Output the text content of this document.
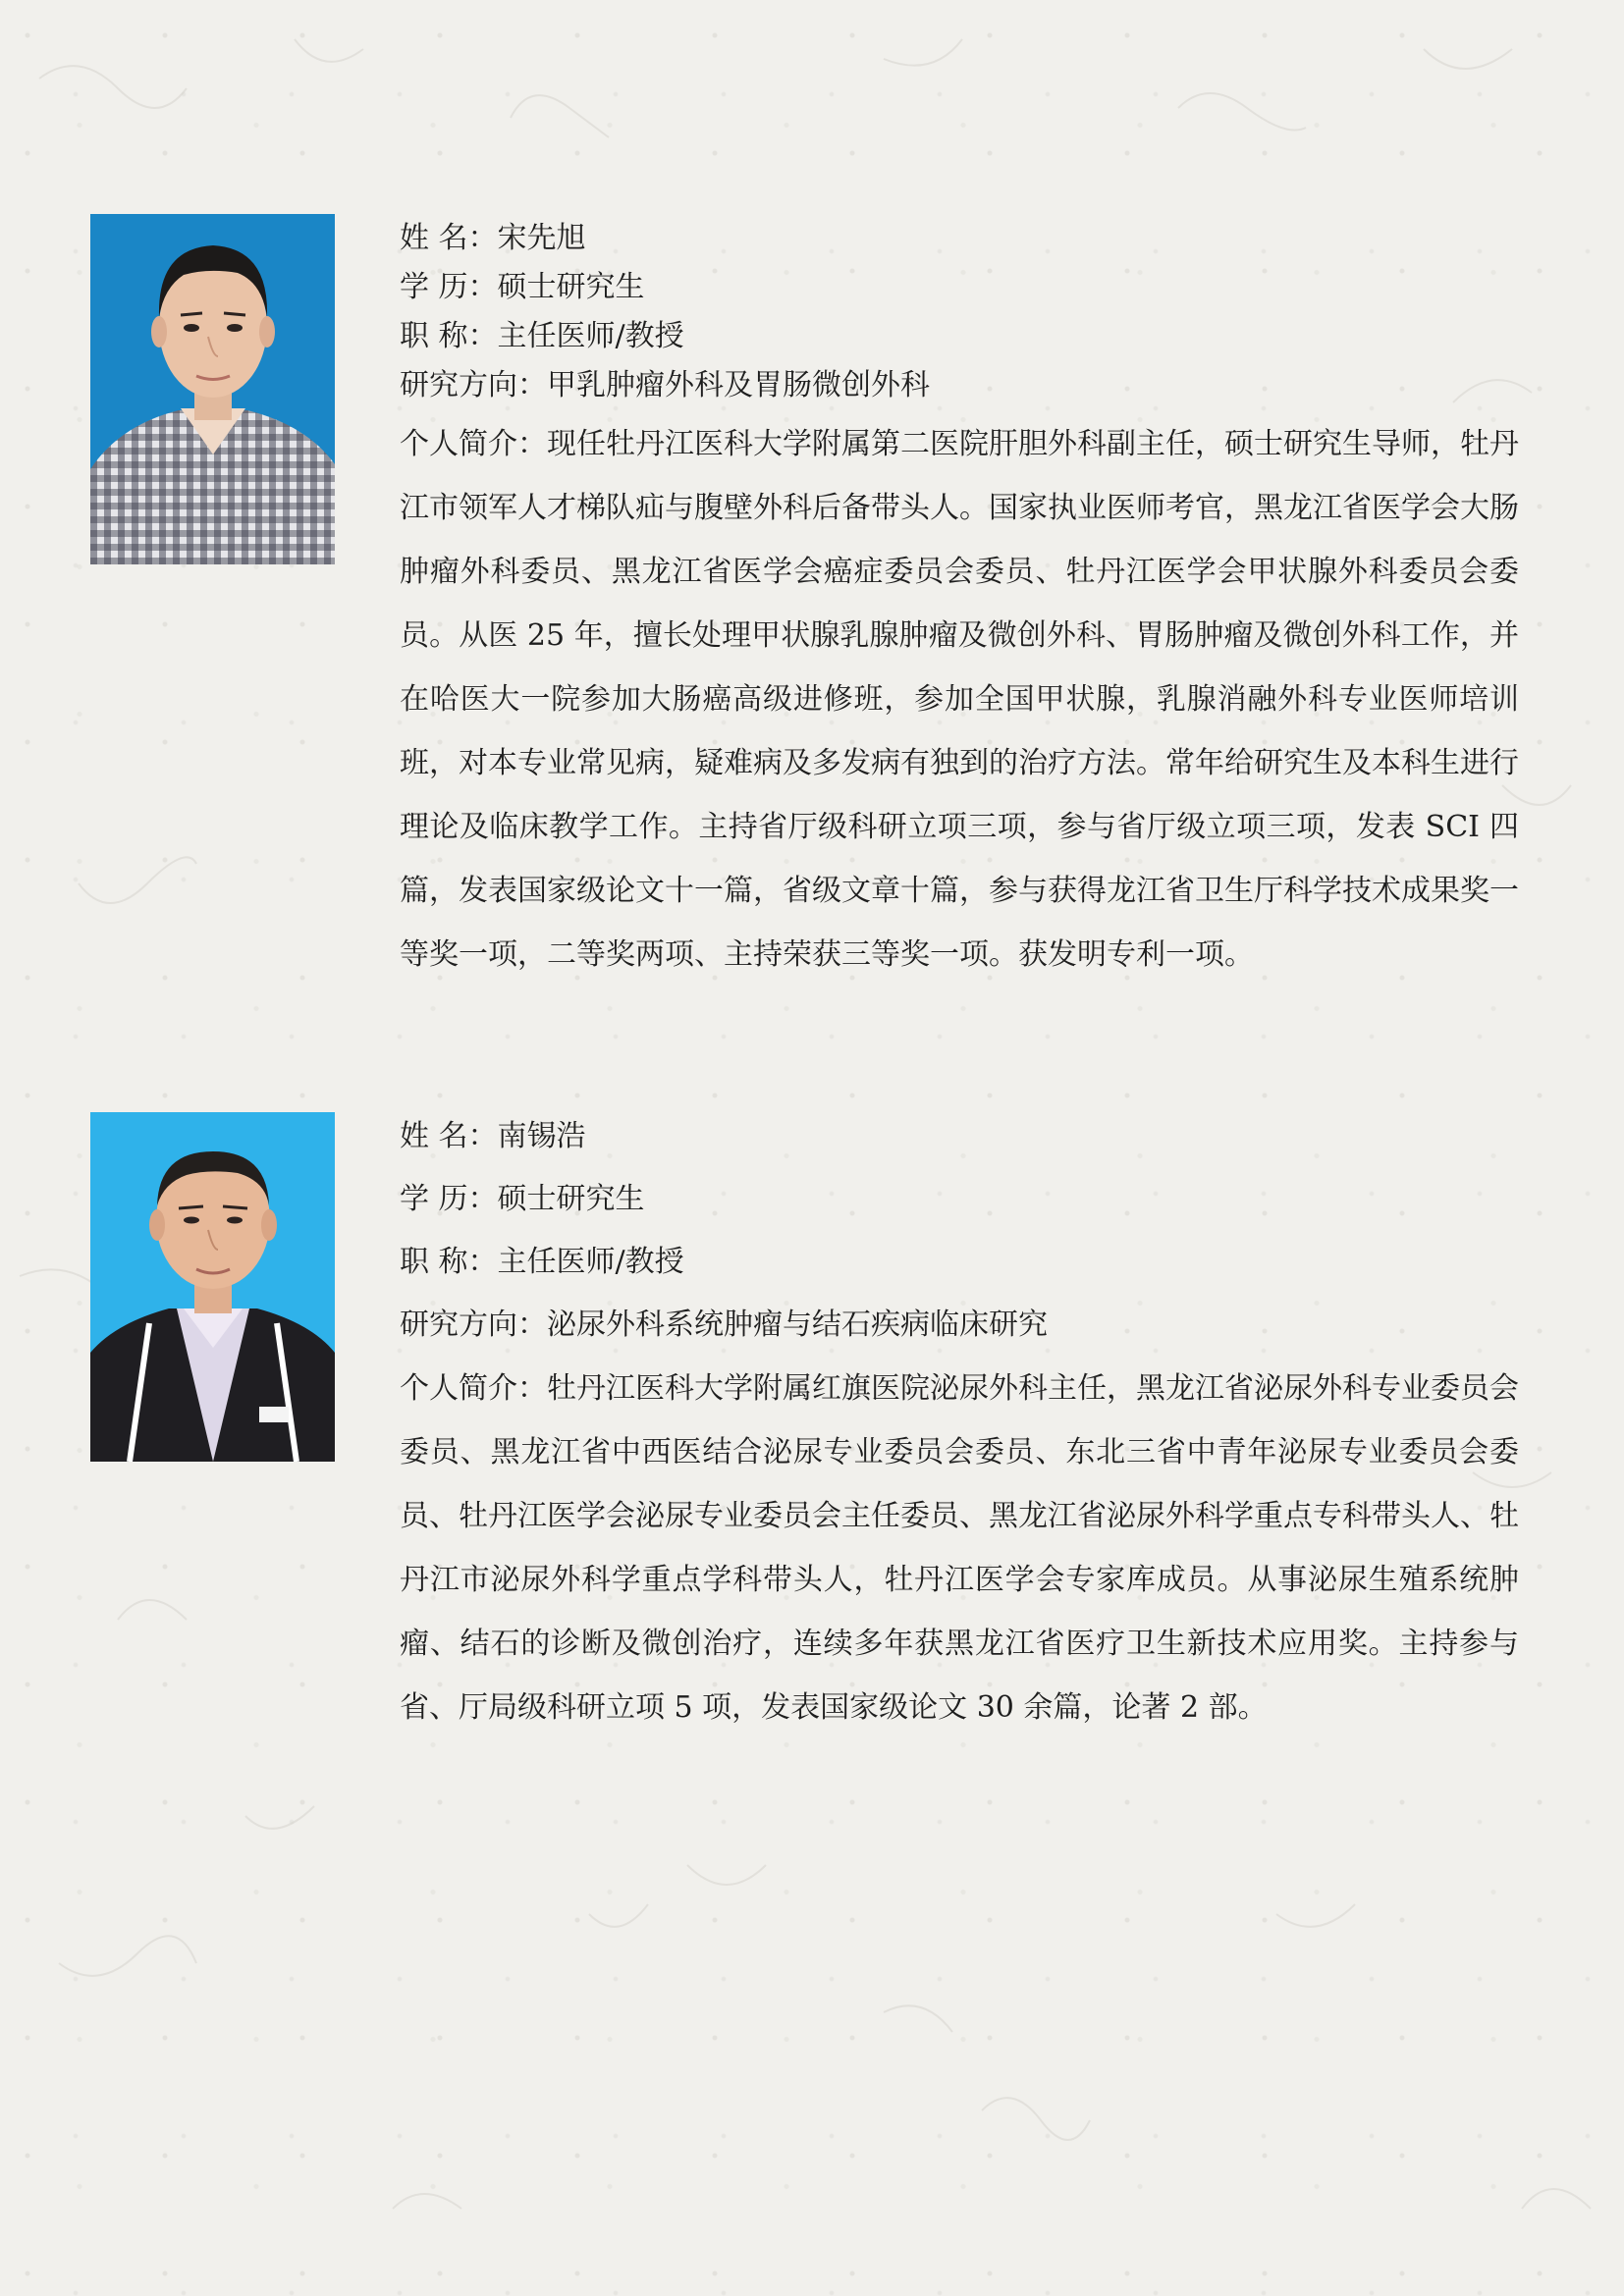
姓 名：宋先旭
学 历：硕士研究生
职 称：主任医师/教授
研究方向：甲乳肿瘤外科及胃肠微创外科

个人简介：现任牡丹江医科大学附属第二医院肝胆外科副主任，硕士研究生导师，牡丹江市领军人才梯队疝与腹壁外科后备带头人。国家执业医师考官，黑龙江省医学会大肠肿瘤外科委员、黑龙江省医学会癌症委员会委员、牡丹江医学会甲状腺外科委员会委员。从医 25 年，擅长处理甲状腺乳腺肿瘤及微创外科、胃肠肿瘤及微创外科工作，并在哈医大一院参加大肠癌高级进修班，参加全国甲状腺，乳腺消融外科专业医师培训班，对本专业常见病，疑难病及多发病有独到的治疗方法。常年给研究生及本科生进行理论及临床教学工作。主持省厅级科研立项三项，参与省厅级立项三项，发表 SCI 四篇，发表国家级论文十一篇，省级文章十篇，参与获得龙江省卫生厅科学技术成果奖一等奖一项，二等奖两项、主持荣获三等奖一项。获发明专利一项。

姓 名：南锡浩
学 历：硕士研究生
职 称：主任医师/教授
研究方向：泌尿外科系统肿瘤与结石疾病临床研究

个人简介：牡丹江医科大学附属红旗医院泌尿外科主任，黑龙江省泌尿外科专业委员会委员、黑龙江省中西医结合泌尿专业委员会委员、东北三省中青年泌尿专业委员会委员、牡丹江医学会泌尿专业委员会主任委员、黑龙江省泌尿外科学重点专科带头人、牡丹江市泌尿外科学重点学科带头人，牡丹江医学会专家库成员。从事泌尿生殖系统肿瘤、结石的诊断及微创治疗，连续多年获黑龙江省医疗卫生新技术应用奖。主持参与省、厅局级科研立项 5 项，发表国家级论文 30 余篇，论著 2 部。
